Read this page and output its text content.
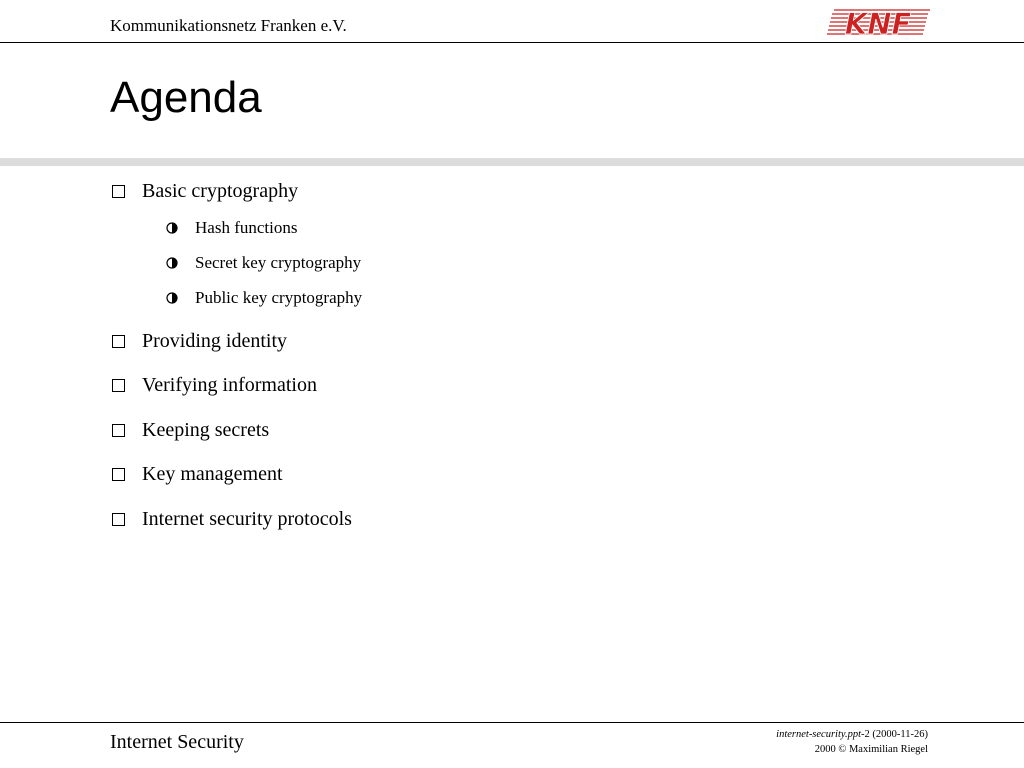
Kommunikationsnetz Franken e.V.	KNF
Agenda
Basic cryptography
Hash functions
Secret key cryptography
Public key cryptography
Providing identity
Verifying information
Keeping secrets
Key management
Internet security protocols
Internet Security	internet-security.ppt-2 (2000-11-26)
2000 © Maximilian Riegel
